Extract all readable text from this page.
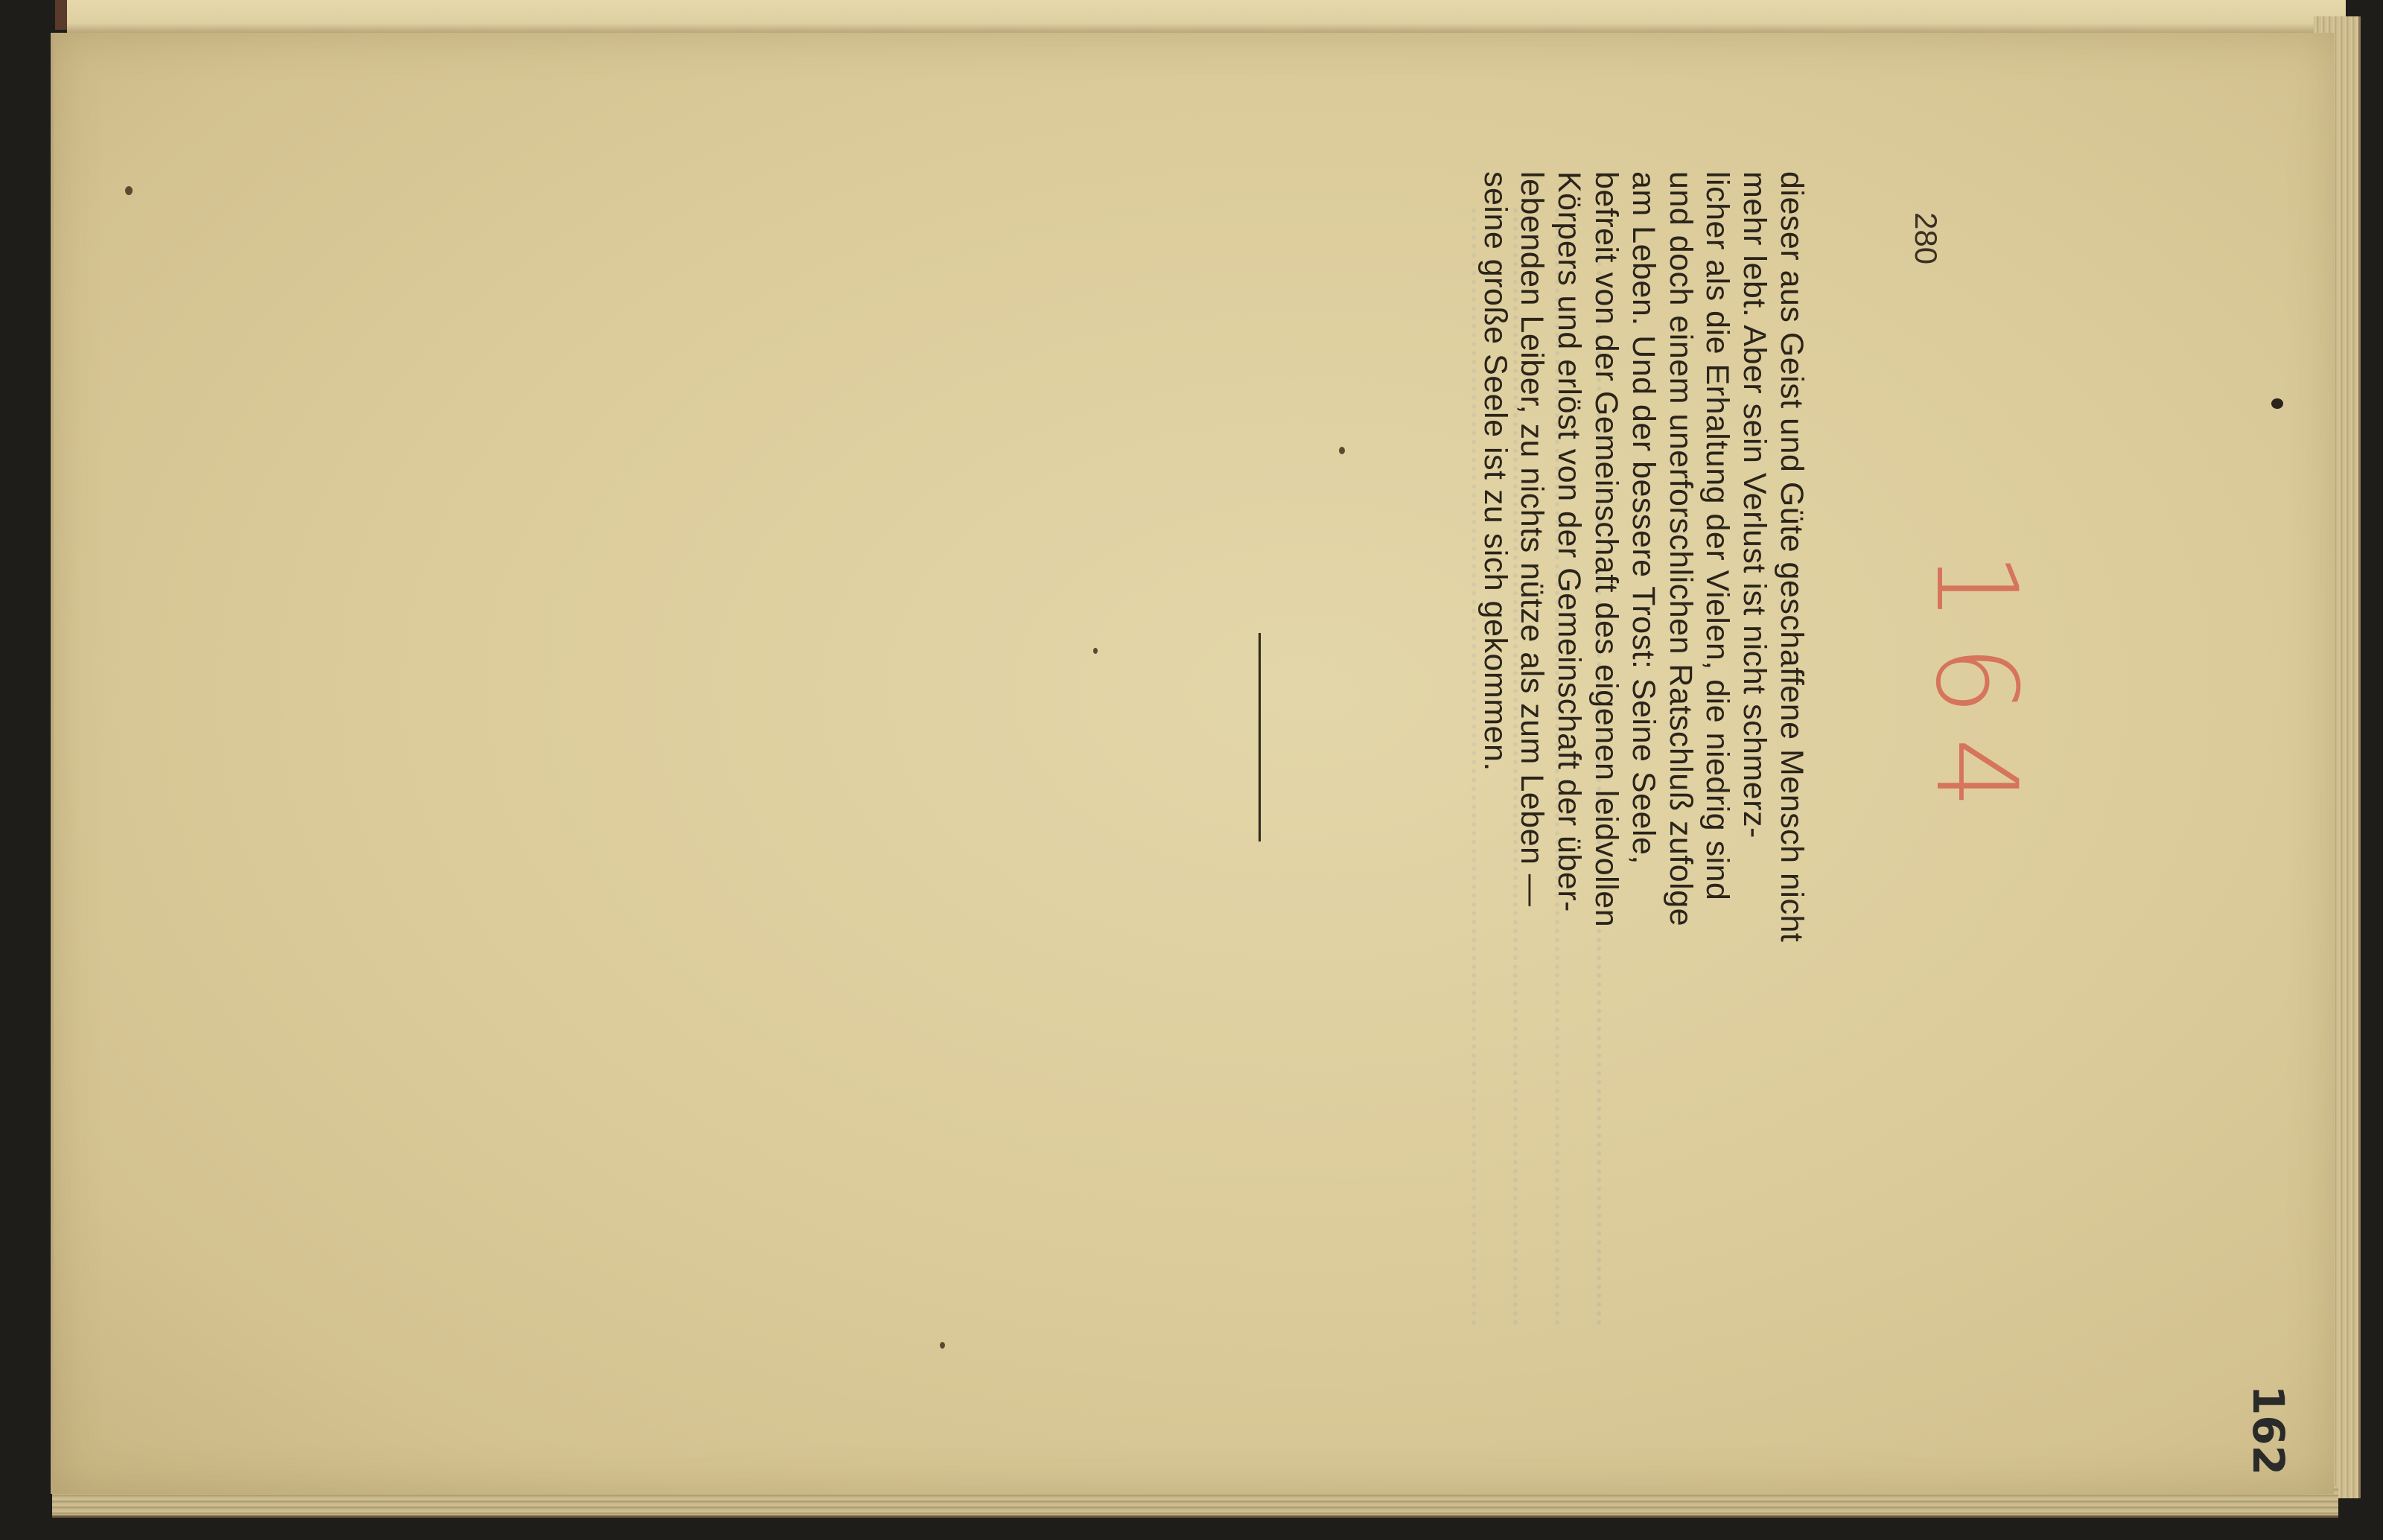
280
dieser aus Geist und Güte geschaffene Mensch nicht
mehr lebt. Aber sein Verlust ist nicht schmerz-
licher als die Erhaltung der Vielen, die niedrig sind
und doch einem unerforschlichen Ratschluß zufolge
am Leben. Und der bessere Trost: Seine Seele,
befreit von der Gemeinschaft des eigenen leidvollen
Körpers und erlöst von der Gemeinschaft der über-
lebenden Leiber, zu nichts nütze als zum Leben —
seine große Seele ist zu sich gekommen.	164
162
